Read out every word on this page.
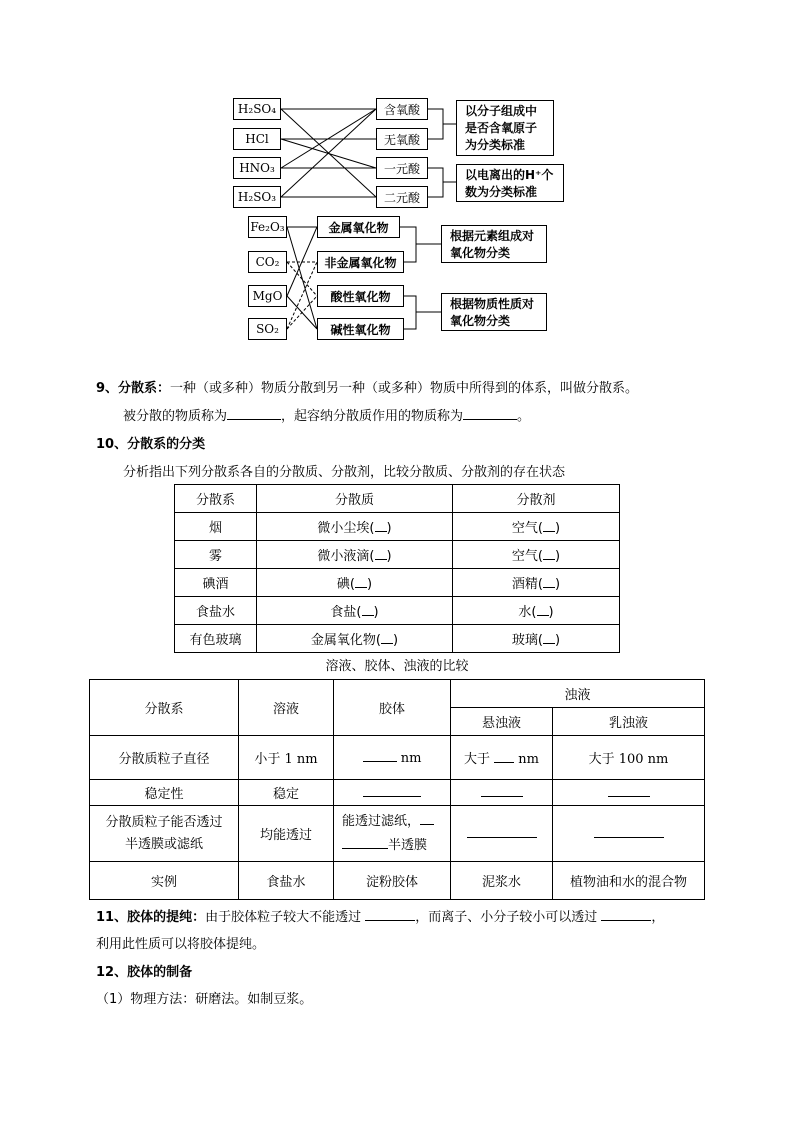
H₂SO₄
HCl
HNO₃
H₂SO₃
含氧酸
无氧酸
一元酸
二元酸
以分子组成中是否含氧原子为分类标准
以电离出的H⁺个数为分类标准
Fe₂O₃
CO₂
MgO
SO₂
金属氧化物
非金属氧化物
酸性氧化物
碱性氧化物
根据元素组成对氧化物分类
根据物质性质对氧化物分类
9、分散系：一种（或多种）物质分散到另一种（或多种）物质中所得到的体系，叫做分散系。
被分散的物质称为	，起容纳分散质作用的物质称为	。
10、分散系的分类
分析指出下列分散系各自的分散质、分散剂，比较分散质、分散剂的存在状态
分散系	分散质	分散剂
烟	微小尘埃( )	空气( )
雾	微小液滴( )	空气( )
碘酒	碘( )	酒精( )
食盐水	食盐( )	水( )
有色玻璃	金属氧化物( )	玻璃( )
溶液、胶体、浊液的比较
分散系	溶液	胶体	浊液	
			悬浊液	乳浊液
分散质粒子直径	小于 1 nm	nm	大于 nm	大于 100 nm
稳定性	稳定			
分散质粒子能否透过半透膜或滤纸	均能透过	能透过滤纸，
半透膜		
实例	食盐水	淀粉胶体	泥浆水	植物油和水的混合物
11、胶体的提纯：由于胶体粒子较大不能透过	，而离子、小分子较小可以透过	，
利用此性质可以将胶体提纯。
12、胶体的制备
（1）物理方法：研磨法。如制豆浆。
